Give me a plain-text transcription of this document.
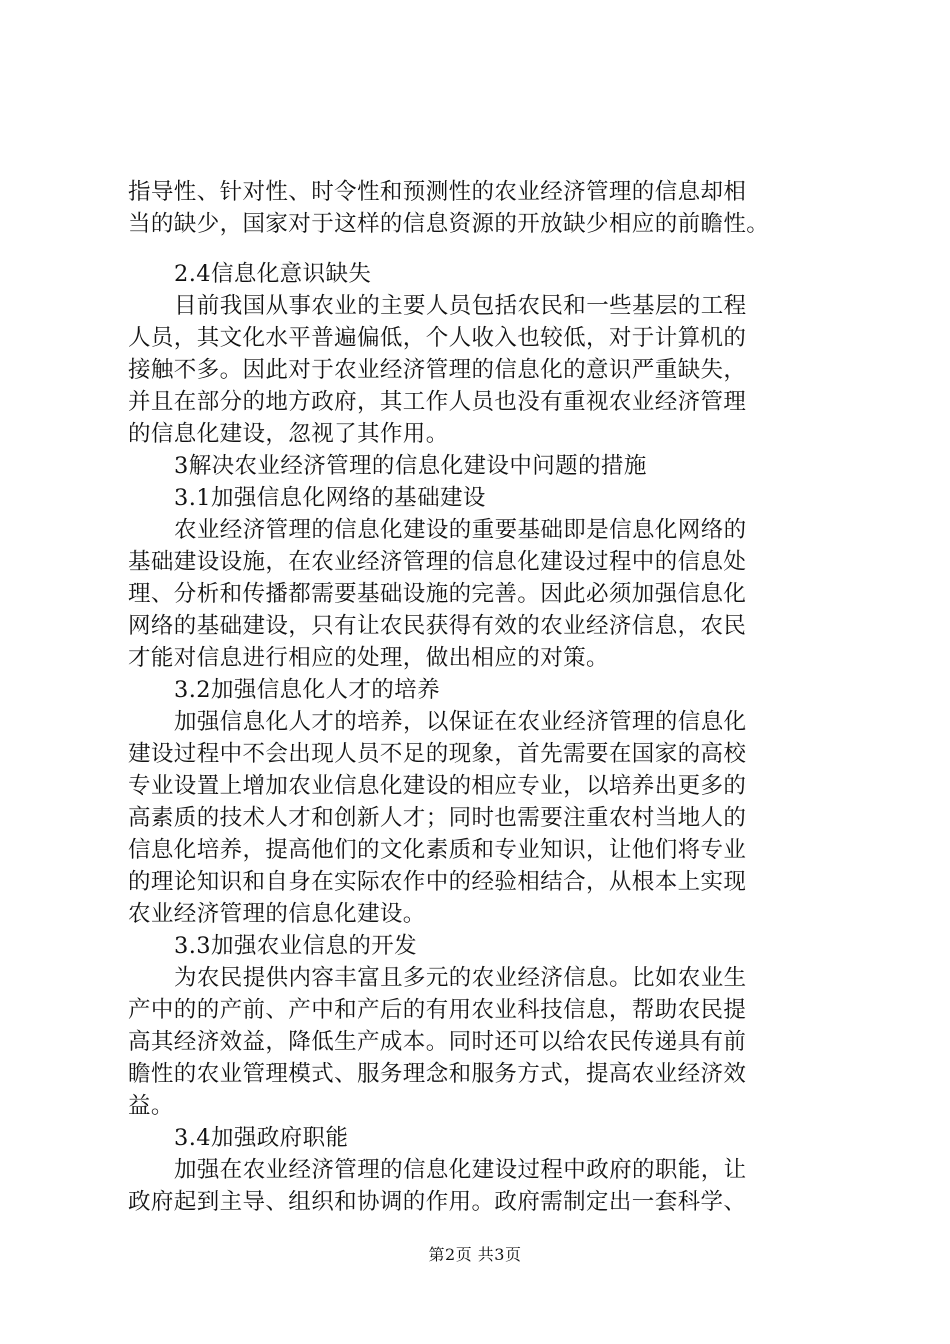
指导性、针对性、时令性和预测性的农业经济管理的信息却相
当的缺少，国家对于这样的信息资源的开放缺少相应的前瞻性。
2.4信息化意识缺失
目前我国从事农业的主要人员包括农民和一些基层的工程
人员，其文化水平普遍偏低，个人收入也较低，对于计算机的
接触不多。因此对于农业经济管理的信息化的意识严重缺失，
并且在部分的地方政府，其工作人员也没有重视农业经济管理
的信息化建设，忽视了其作用。
3解决农业经济管理的信息化建设中问题的措施
3.1加强信息化网络的基础建设
农业经济管理的信息化建设的重要基础即是信息化网络的
基础建设设施，在农业经济管理的信息化建设过程中的信息处
理、分析和传播都需要基础设施的完善。因此必须加强信息化
网络的基础建设，只有让农民获得有效的农业经济信息，农民
才能对信息进行相应的处理，做出相应的对策。
3.2加强信息化人才的培养
加强信息化人才的培养，以保证在农业经济管理的信息化
建设过程中不会出现人员不足的现象，首先需要在国家的高校
专业设置上增加农业信息化建设的相应专业，以培养出更多的
高素质的技术人才和创新人才；同时也需要注重农村当地人的
信息化培养，提高他们的文化素质和专业知识，让他们将专业
的理论知识和自身在实际农作中的经验相结合，从根本上实现
农业经济管理的信息化建设。
3.3加强农业信息的开发
为农民提供内容丰富且多元的农业经济信息。比如农业生
产中的的产前、产中和产后的有用农业科技信息，帮助农民提
高其经济效益，降低生产成本。同时还可以给农民传递具有前
瞻性的农业管理模式、服务理念和服务方式，提高农业经济效
益。
3.4加强政府职能
加强在农业经济管理的信息化建设过程中政府的职能，让
政府起到主导、组织和协调的作用。政府需制定出一套科学、
第2页 共3页
